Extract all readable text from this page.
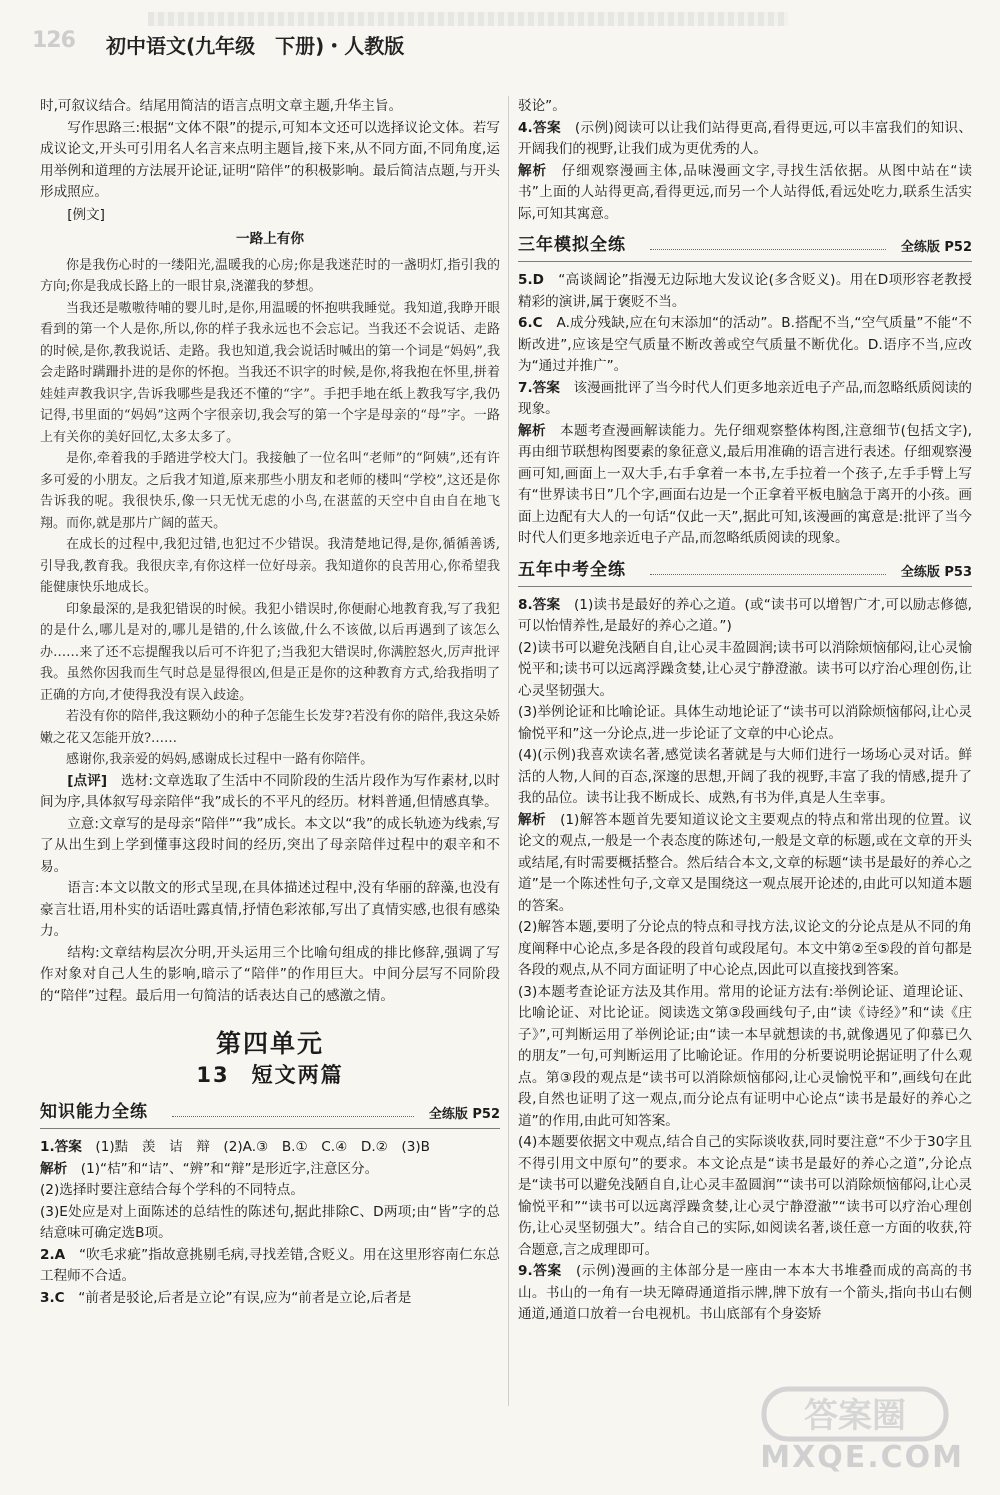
126 初中语文(九年级　下册)・人教版

时,可叙议结合。结尾用简洁的语言点明文章主题,升华主旨。

写作思路三:根据“文体不限”的提示,可知本文还可以选择议论文体。若写成议论文,开头可引用名人名言来点明主题旨,接下来,从不同方面,不同角度,运用举例和道理的方法展开论证,证明“陪伴”的积极影响。最后简洁点题,与开头形成照应。

[例文]

一路上有你

你是我伤心时的一缕阳光,温暖我的心房;你是我迷茫时的一盏明灯,指引我的方向;你是我成长路上的一眼甘泉,浇灌我的梦想。

当我还是嗷嗷待哺的婴儿时,是你,用温暖的怀抱哄我睡觉。我知道,我睁开眼看到的第一个人是你,所以,你的样子我永远也不会忘记。当我还不会说话、走路的时候,是你,教我说话、走路。我也知道,我会说话时喊出的第一个词是“妈妈”,我会走路时蹒跚扑进的是你的怀抱。当我还不识字的时候,是你,将我抱在怀里,拼着娃娃声教我识字,告诉我哪些是我还不懂的“字”。手把手地在纸上教我写字,我仍记得,书里面的“妈妈”这两个字很亲切,我会写的第一个字是母亲的“母”字。一路上有关你的美好回忆,太多太多了。

是你,牵着我的手踏进学校大门。我接触了一位名叫“老师”的“阿姨”,还有许多可爱的小朋友。之后我才知道,原来那些小朋友和老师的楼叫“学校”,这还是你告诉我的呢。我很快乐,像一只无忧无虑的小鸟,在湛蓝的天空中自由自在地飞翔。而你,就是那片广阔的蓝天。

在成长的过程中,我犯过错,也犯过不少错误。我清楚地记得,是你,循循善诱,引导我,教育我。我很庆幸,有你这样一位好母亲。我知道你的良苦用心,你希望我能健康快乐地成长。

印象最深的,是我犯错误的时候。我犯小错误时,你便耐心地教育我,写了我犯的是什么,哪儿是对的,哪儿是错的,什么该做,什么不该做,以后再遇到了该怎么办……来了还不忘提醒我以后可不许犯了;当我犯大错误时,你满腔怒火,厉声批评我。虽然你因我而生气时总是显得很凶,但是正是你的这种教育方式,给我指明了正确的方向,才使得我没有误入歧途。

若没有你的陪伴,我这颗幼小的种子怎能生长发芽?若没有你的陪伴,我这朵娇嫩之花又怎能开放?……

感谢你,我亲爱的妈妈,感谢成长过程中一路有你陪伴。

[点评]　 选材:文章选取了生活中不同阶段的生活片段作为写作素材,以时间为序,具体叙写母亲陪伴“我”成长的不平凡的经历。材料普通,但情感真挚。

立意:文章写的是母亲“陪伴”“我”成长。本文以“我”的成长轨迹为线索,写了从出生到上学到懂事这段时间的经历,突出了母亲陪伴过程中的艰辛和不易。

语言:本文以散文的形式呈现,在具体描述过程中,没有华丽的辞藻,也没有豪言壮语,用朴实的话语吐露真情,抒情色彩浓郁,写出了真情实感,也很有感染力。

结构:文章结构层次分明,开头运用三个比喻句组成的排比修辞,强调了写作对象对自己人生的影响,暗示了“陪伴”的作用巨大。中间分层写不同阶段的“陪伴”过程。最后用一句简洁的话表达自己的感激之情。

第四单元
13 短文两篇
知识能力全练	全练版 P52

1.答案　 (1)黠　羡　诘　辩　(2)A.③　B.①　C.④　D.②　(3)B

解析　 (1)“桔”和“诘”、“辨”和“辩”是形近字,注意区分。

(2)选择时要注意结合每个学科的不同特点。

(3)E处应是对上面陈述的总结性的陈述句,据此排除C、D两项;由“皆”字的总结意味可确定选B项。

2.A　 “吹毛求疵”指故意挑剔毛病,寻找差错,含贬义。用在这里形容南仁东总工程师不合适。

3.C　 “前者是驳论,后者是立论”有误,应为“前者是立论,后者是

驳论”。

4.答案　 (示例)阅读可以让我们站得更高,看得更远,可以丰富我们的知识、开阔我们的视野,让我们成为更优秀的人。

解析　 仔细观察漫画主体,品味漫画文字,寻找生活依据。从图中站在“读书”上面的人站得更高,看得更远,而另一个人站得低,看远处吃力,联系生活实际,可知其寓意。

三年模拟全练	全练版 P52

5.D　 “高谈阔论”指漫无边际地大发议论(多含贬义)。用在D项形容老教授精彩的演讲,属于褒贬不当。

6.C　 A.成分残缺,应在句末添加“的活动”。B.搭配不当,“空气质量”不能“不断改进”,应该是空气质量不断改善或空气质量不断优化。D.语序不当,应改为“通过并推广”。

7.答案　 该漫画批评了当今时代人们更多地亲近电子产品,而忽略纸质阅读的现象。

解析　 本题考查漫画解读能力。先仔细观察整体构图,注意细节(包括文字),再由细节联想构图要素的象征意义,最后用准确的语言进行表述。仔细观察漫画可知,画面上一双大手,右手拿着一本书,左手拉着一个孩子,左手手臂上写有“世界读书日”几个字,画面右边是一个正拿着平板电脑急于离开的小孩。画面上边配有大人的一句话“仅此一天”,据此可知,该漫画的寓意是:批评了当今时代人们更多地亲近电子产品,而忽略纸质阅读的现象。

五年中考全练	全练版 P53

8.答案　 (1)读书是最好的养心之道。(或“读书可以增智广才,可以励志修德,可以怡情养性,是最好的养心之道。”)

(2)读书可以避免浅陋自自,让心灵丰盈圆润;读书可以消除烦恼郁闷,让心灵愉悦平和;读书可以远离浮躁贪婪,让心灵宁静澄澈。读书可以疗治心理创伤,让心灵坚韧强大。

(3)举例论证和比喻论证。具体生动地论证了“读书可以消除烦恼郁闷,让心灵愉悦平和”这一分论点,进一步论证了文章的中心论点。

(4)(示例)我喜欢读名著,感觉读名著就是与大师们进行一场场心灵对话。鲜活的人物,人间的百态,深邃的思想,开阔了我的视野,丰富了我的情感,提升了我的品位。读书让我不断成长、成熟,有书为伴,真是人生幸事。

解析　 (1)解答本题首先要知道议论文主要观点的特点和常出现的位置。议论文的观点,一般是一个表态度的陈述句,一般是文章的标题,或在文章的开头或结尾,有时需要概括整合。然后结合本文,文章的标题“读书是最好的养心之道”是一个陈述性句子,文章又是围绕这一观点展开论述的,由此可以知道本题的答案。

(2)解答本题,要明了分论点的特点和寻找方法,议论文的分论点是从不同的角度阐释中心论点,多是各段的段首句或段尾句。本文中第②至⑤段的首句都是各段的观点,从不同方面证明了中心论点,因此可以直接找到答案。

(3)本题考查论证方法及其作用。常用的论证方法有:举例论证、道理论证、比喻论证、对比论证。阅读选文第③段画线句子,由“读《诗经》”和“读《庄子》”,可判断运用了举例论证;由“读一本早就想读的书,就像遇见了仰慕已久的朋友”一句,可判断运用了比喻论证。作用的分析要说明论据证明了什么观点。第③段的观点是“读书可以消除烦恼郁闷,让心灵愉悦平和”,画线句在此段,自然也证明了这一观点,而分论点有证明中心论点“读书是最好的养心之道”的作用,由此可知答案。

(4)本题要依据文中观点,结合自己的实际谈收获,同时要注意“不少于30字且不得引用文中原句”的要求。本文论点是“读书是最好的养心之道”,分论点是“读书可以避免浅陋自自,让心灵丰盈圆润”“读书可以消除烦恼郁闷,让心灵愉悦平和”“读书可以远离浮躁贪婪,让心灵宁静澄澈”“读书可以疗治心理创伤,让心灵坚韧强大”。结合自己的实际,如阅读名著,谈任意一方面的收获,符合题意,言之成理即可。

9.答案　 (示例)漫画的主体部分是一座由一本本大书堆叠而成的高高的书山。书山的一角有一块无障碍通道指示牌,牌下放有一个箭头,指向书山右侧通道,通道口放着一台电视机。书山底部有个身姿矫

答案圈
MXQE.COM
